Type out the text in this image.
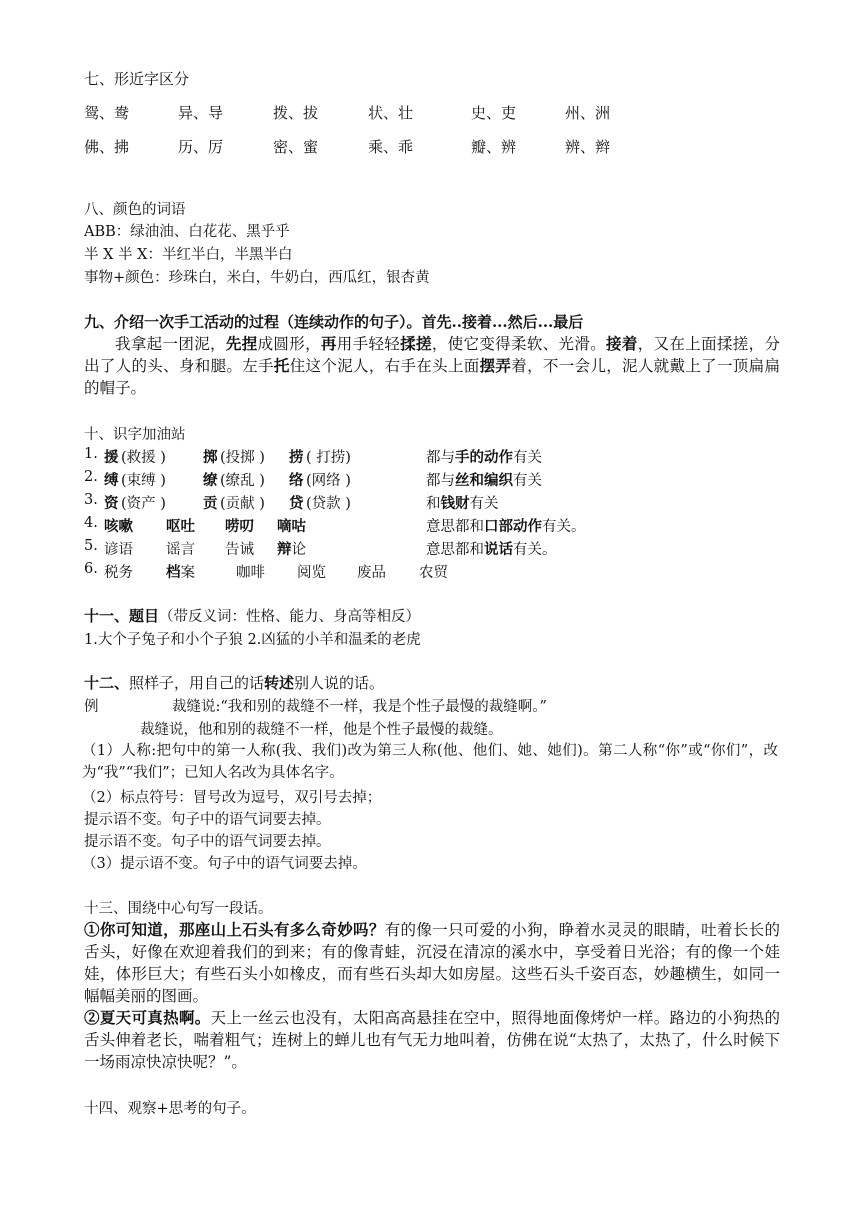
七、形近字区分
鸳、鸯	异、导	拨、拔	状、壮	史、吏	州、洲
佛、拂	历、厉	密、蜜	乘、乖	瓣、辨	辨、辫
八、颜色的词语
ABB：绿油油、白花花、黑乎乎
半 X 半 X：半红半白，半黑半白
事物+颜色：珍珠白，米白，牛奶白，西瓜红，银杏黄
九、介绍一次手工活动的过程（连续动作的句子）。首先..接着...然后...最后
我拿起一团泥，先捏成圆形，再用手轻轻揉搓，使它变得柔软、光滑。接着，又在上面揉搓，分出了人的头、身和腿。左手托住这个泥人，右手在头上面摆弄着，不一会儿，泥人就戴上了一顶扁扁的帽子。
十、识字加油站
1. 援 (救援 )	掷 (投掷 ) 捞 ( 打捞)	都与手的动作有关
2. 缚 (束缚 )	缭 (缭乱 ) 络 (网络 )	都与丝和编织有关
3. 资 (资产 )	贡 (贡献 ) 贷 (贷款 )	和钱财有关
4. 咳嗽 呕吐 唠叨 嘀咕	意思都和口部动作有关。
5. 谚语 谣言 告诫 辩论	意思都和说话有关。
6. 税务 档案	咖啡 阅览 废品 农贸
十一、题目（带反义词：性格、能力、身高等相反）
1.大个子兔子和小个子狼 2.凶猛的小羊和温柔的老虎
十二、照样子，用自己的话转述别人说的话。
例	裁缝说:“我和别的裁缝不一样，我是个性子最慢的裁缝啊。”
裁缝说，他和别的裁缝不一样，他是个性子最慢的裁缝。
（1）人称:把句中的第一人称(我、我们)改为第三人称(他、他们、她、她们)。第二人称“你”或“你们”，改为“我”“我们”；已知人名改为具体名字。
（2）标点符号：冒号改为逗号，双引号去掉；
提示语不变。句子中的语气词要去掉。
提示语不变。句子中的语气词要去掉。
（3）提示语不变。句子中的语气词要去掉。
十三、围绕中心句写一段话。
①你可知道，那座山上石头有多么奇妙吗？有的像一只可爱的小狗，睁着水灵灵的眼睛，吐着长长的舌头，好像在欢迎着我们的到来；有的像青蛙，沉浸在清凉的溪水中，享受着日光浴；有的像一个娃娃，体形巨大；有些石头小如橡皮，而有些石头却大如房屋。这些石头千姿百态，妙趣横生，如同一幅幅美丽的图画。
②夏天可真热啊。天上一丝云也没有，太阳高高悬挂在空中，照得地面像烤炉一样。路边的小狗热的舌头伸着老长，喘着粗气；连树上的蝉儿也有气无力地叫着，仿佛在说“太热了，太热了，什么时候下一场雨凉快凉快呢？”。
十四、观察+思考的句子。
